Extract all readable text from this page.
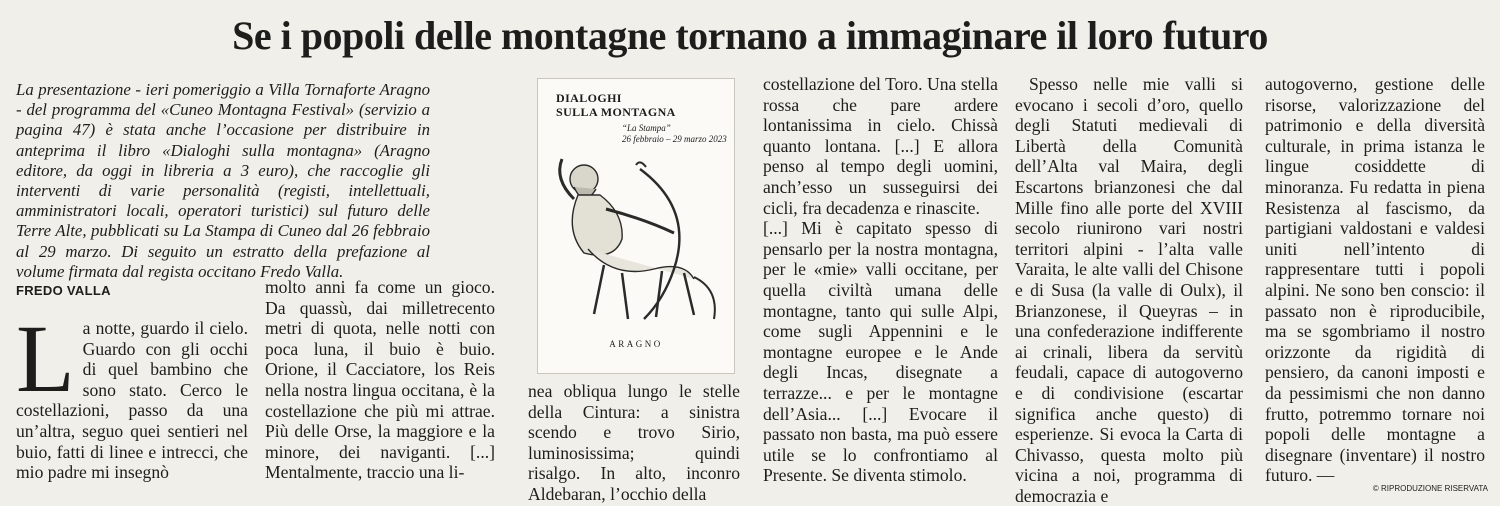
Se i popoli delle montagne tornano a immaginare il loro futuro

La presentazione - ieri pomeriggio a Villa Tornaforte Aragno - del programma del «Cuneo Montagna Festival» (servizio a pagina 47) è stata anche l’occasione per distribuire in anteprima il libro «Dialoghi sulla montagna» (Aragno editore, da oggi in libreria a 3 euro), che raccoglie gli interventi di varie personalità (registi, intellettuali, amministratori locali, operatori turistici) sul futuro delle Terre Alte, pubblicati su La Stampa di Cuneo dal 26 febbraio al 29 marzo. Di seguito un estratto della prefazione al volume firmata dal regista occitano Fredo Valla.

FREDO VALLA

La notte, guardo il cielo. Guardo con gli occhi di quel bambino che sono stato. Cerco le costellazioni, passo da una un’altra, seguo quei sentieri nel buio, fatti di linee e intrecci, che mio padre mi insegnò
molto anni fa come un gioco. Da quassù, dai milletrecento metri di quota, nelle notti con poca luna, il buio è buio. Orione, il Cacciatore, los Reis nella nostra lingua occitana, è la costellazione che più mi attrae. Più delle Orse, la maggiore e la minore, dei naviganti. [...] Mentalmente, traccio una li-

DIALOGHI
SULLA MONTAGNA

“La Stampa”
26 febbraio – 29 marzo 2023

ARAGNO

nea obliqua lungo le stelle della Cintura: a sinistra scendo e trovo Sirio, luminosissima; quindi risalgo. In alto, inconro Aldebaran, l’occhio della

costellazione del Toro. Una stella rossa che pare ardere lontanissima in cielo. Chissà quanto lontana. [...] E allora penso al tempo degli uomini, anch’esso un susseguirsi dei cicli, fra decadenza e rinascite.

[...] Mi è capitato spesso di pensarlo per la nostra montagna, per le «mie» valli occitane, per quella civiltà umana delle montagne, tanto qui sulle Alpi, come sugli Appennini e le montagne europee e le Ande degli Incas, disegnate a terrazze... e per le montagne dell’Asia... [...] Evocare il passato non basta, ma può essere utile se lo confrontiamo al Presente. Se diventa stimolo.

Spesso nelle mie valli si evocano i secoli d’oro, quello degli Statuti medievali di Libertà della Comunità dell’Alta val Maira, degli Escartons brianzonesi che dal Mille fino alle porte del XVIII secolo riunirono vari nostri territori alpini - l’alta valle Varaita, le alte valli del Chisone e di Susa (la valle di Oulx), il Brianzonese, il Queyras – in una confederazione indifferente ai crinali, libera da servitù feudali, capace di autogoverno e di condivisione (escartar significa anche questo) di esperienze. Si evoca la Carta di Chivasso, questa molto più vicina a noi, programma di democrazia e

autogoverno, gestione delle risorse, valorizzazione del patrimonio e della diversità culturale, in prima istanza le lingue cosiddette di minoranza. Fu redatta in piena Resistenza al fascismo, da partigiani valdostani e valdesi uniti nell’intento di rappresentare tutti i popoli alpini. Ne sono ben conscio: il passato non è riproducibile, ma se sgombriamo il nostro orizzonte da rigidità di pensiero, da canoni imposti e da pessimismi che non danno frutto, potremmo tornare noi popoli delle montagne a disegnare (inventare) il nostro futuro. —

© RIPRODUZIONE RISERVATA
